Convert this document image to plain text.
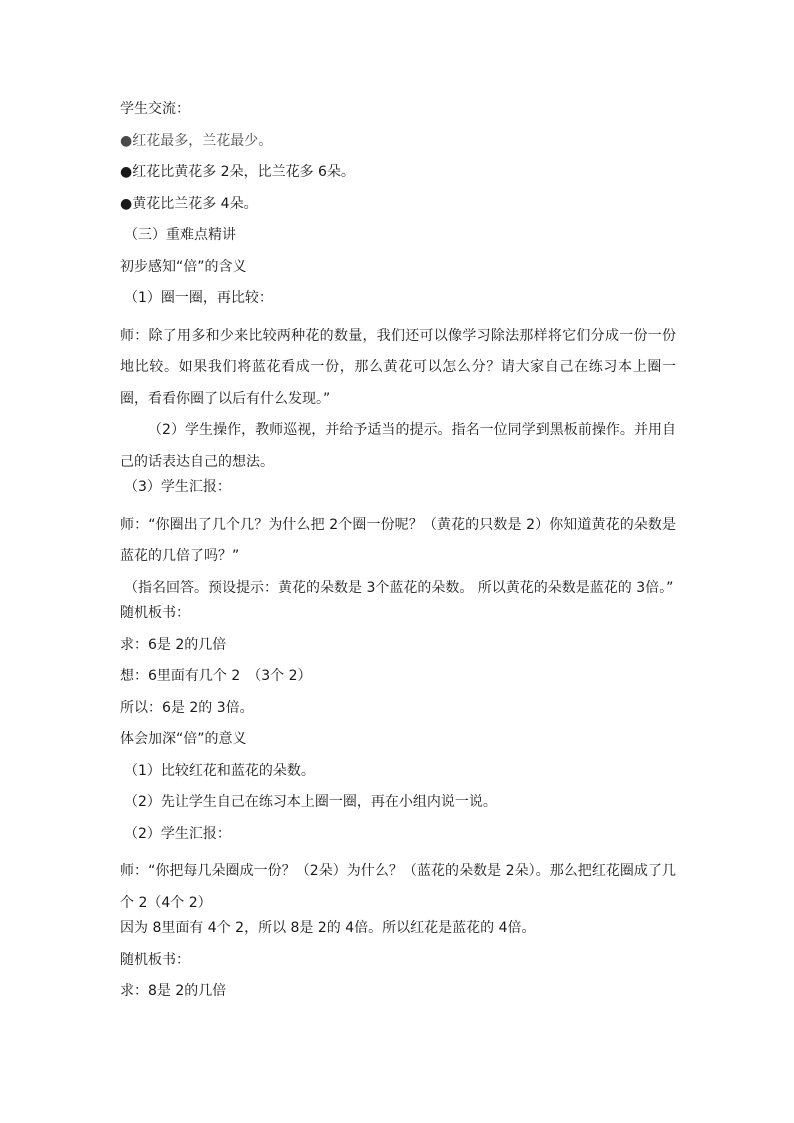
学生交流：

●红花最多，兰花最少。

●红花比黄花多 2朵，比兰花多 6朵。

●黄花比兰花多 4朵。

（三）重难点精讲

初步感知“倍”的含义

（1）圈一圈，再比较：

师：除了用多和少来比较两种花的数量，我们还可以像学习除法那样将它们分成一份一份地比较。如果我们将蓝花看成一份，那么黄花可以怎么分？请大家自己在练习本上圈一圈，看看你圈了以后有什么发现。”

（2）学生操作，教师巡视，并给予适当的提示。指名一位同学到黑板前操作。并用自己的话表达自己的想法。

（3）学生汇报：

师：“你圈出了几个几？为什么把 2个圈一份呢？（黄花的只数是 2）你知道黄花的朵数是蓝花的几倍了吗？”

（指名回答。预设提示：黄花的朵数是 3个蓝花的朵数。 所以黄花的朵数是蓝花的 3倍。”

随机板书：

求：6是 2的几倍

想：6里面有几个 2　（3个 2）

所以：6是 2的 3倍。

体会加深“倍”的意义

（1）比较红花和蓝花的朵数。

（2）先让学生自己在练习本上圈一圈，再在小组内说一说。

（2）学生汇报：

师：“你把每几朵圈成一份？（2朵）为什么？（蓝花的朵数是 2朵）。那么把红花圈成了几个 2（4个 2）

因为 8里面有 4个 2，所以 8是 2的 4倍。所以红花是蓝花的 4倍。

随机板书：

求：8是 2的几倍
